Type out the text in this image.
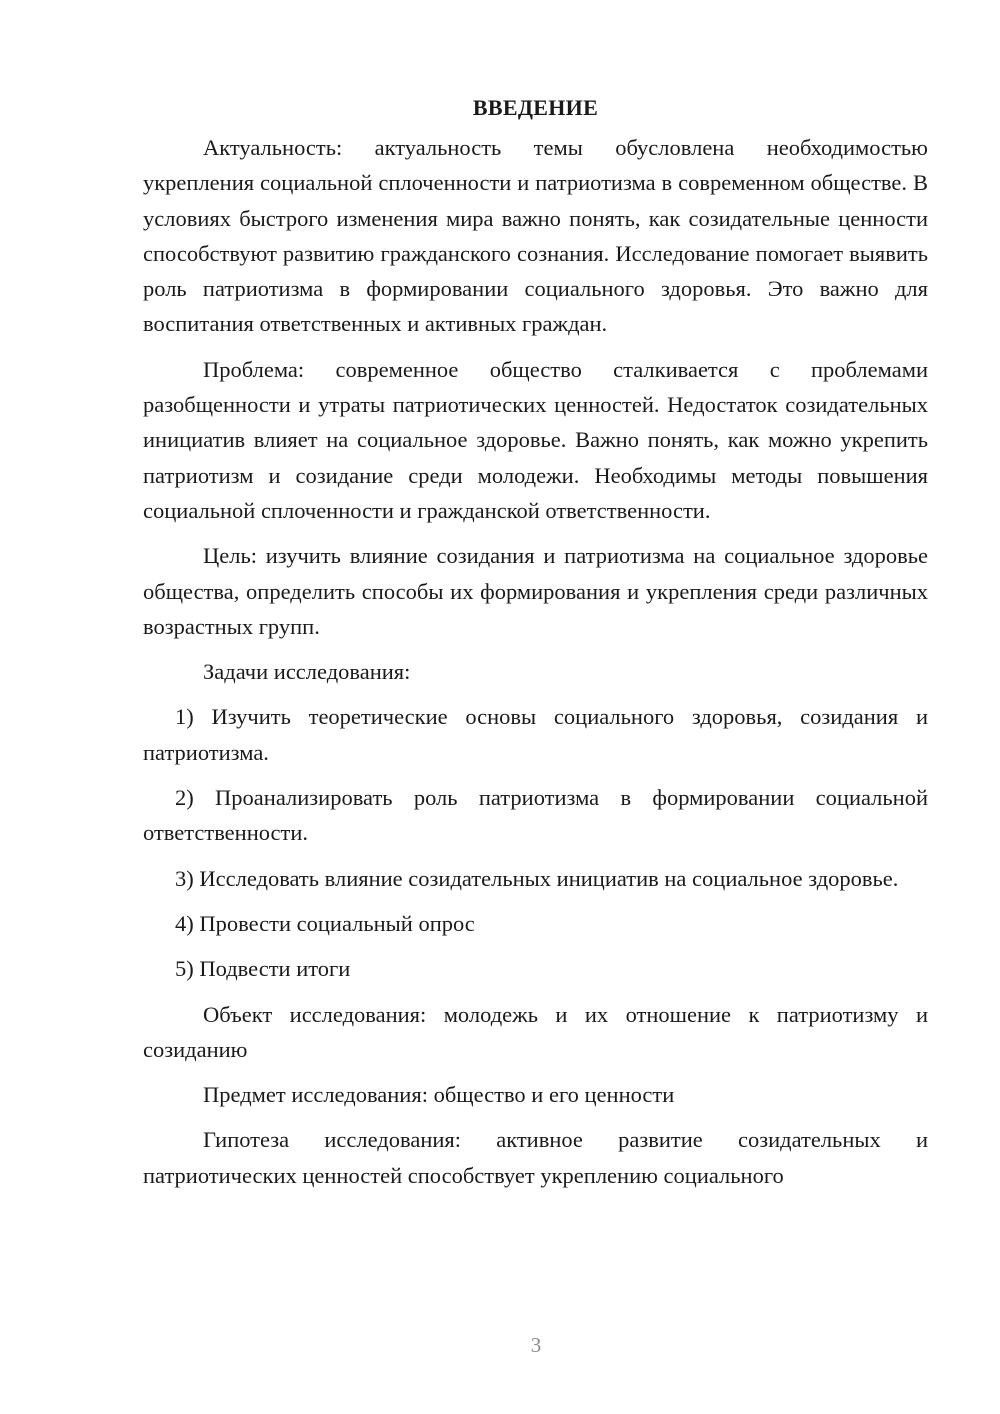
ВВЕДЕНИЕ

Актуальность: актуальность темы обусловлена необходимостью укрепления социальной сплоченности и патриотизма в современном обществе. В условиях быстрого изменения мира важно понять, как созидательные ценности способствуют развитию гражданского сознания. Исследование помогает выявить роль патриотизма в формировании социального здоровья. Это важно для воспитания ответственных и активных граждан.

Проблема: современное общество сталкивается с проблемами разобщенности и утраты патриотических ценностей. Недостаток созидательных инициатив влияет на социальное здоровье. Важно понять, как можно укрепить патриотизм и созидание среди молодежи. Необходимы методы повышения социальной сплоченности и гражданской ответственности.

Цель: изучить влияние созидания и патриотизма на социальное здоровье общества, определить способы их формирования и укрепления среди различных возрастных групп.

Задачи исследования:

1) Изучить теоретические основы социального здоровья, созидания и патриотизма.

2) Проанализировать роль патриотизма в формировании социальной ответственности.

3) Исследовать влияние созидательных инициатив на социальное здоровье.

4) Провести социальный опрос

5) Подвести итоги

Объект исследования: молодежь и их отношение к патриотизму и созиданию

Предмет исследования: общество и его ценности

Гипотеза исследования: активное развитие созидательных и патриотических ценностей способствует укреплению социального

3
